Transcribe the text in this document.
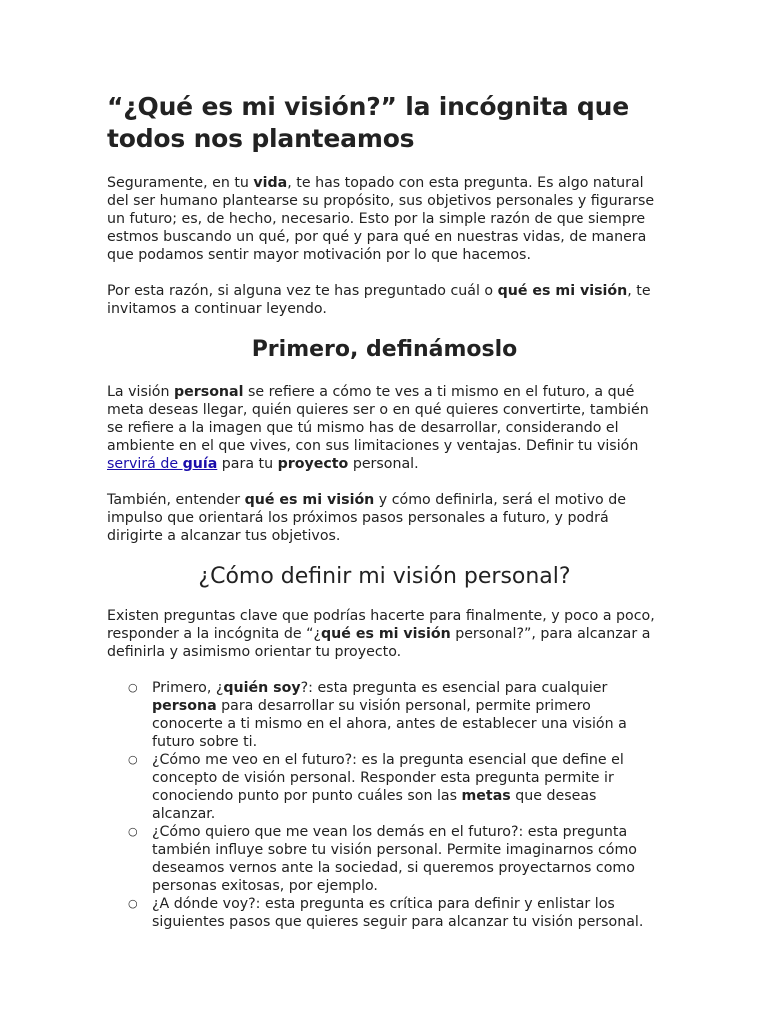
“¿Qué es mi visión?” la incógnita que todos nos planteamos

Seguramente, en tu vida, te has topado con esta pregunta. Es algo natural del ser humano plantearse su propósito, sus objetivos personales y figurarse un futuro; es, de hecho, necesario. Esto por la simple razón de que siempre estmos buscando un qué, por qué y para qué en nuestras vidas, de manera que podamos sentir mayor motivación por lo que hacemos.

Por esta razón, si alguna vez te has preguntado cuál o qué es mi visión, te invitamos a continuar leyendo.

Primero, definámoslo

La visión personal se refiere a cómo te ves a ti mismo en el futuro, a qué meta deseas llegar, quién quieres ser o en qué quieres convertirte, también se refiere a la imagen que tú mismo has de desarrollar, considerando el ambiente en el que vives, con sus limitaciones y ventajas. Definir tu visión servirá de guía para tu proyecto personal.

También, entender qué es mi visión y cómo definirla, será el motivo de impulso que orientará los próximos pasos personales a futuro, y podrá dirigirte a alcanzar tus objetivos.

¿Cómo definir mi visión personal?

Existen preguntas clave que podrías hacerte para finalmente, y poco a poco, responder a la incógnita de “¿qué es mi visión personal?”, para alcanzar a definirla y asimismo orientar tu proyecto.

○ Primero, ¿quién soy?: esta pregunta es esencial para cualquier persona para desarrollar su visión personal, permite primero conocerte a ti mismo en el ahora, antes de establecer una visión a futuro sobre ti.
○ ¿Cómo me veo en el futuro?: es la pregunta esencial que define el concepto de visión personal. Responder esta pregunta permite ir conociendo punto por punto cuáles son las metas que deseas alcanzar.
○ ¿Cómo quiero que me vean los demás en el futuro?: esta pregunta también influye sobre tu visión personal. Permite imaginarnos cómo deseamos vernos ante la sociedad, si queremos proyectarnos como personas exitosas, por ejemplo.
○ ¿A dónde voy?: esta pregunta es crítica para definir y enlistar los siguientes pasos que quieres seguir para alcanzar tu visión personal.
